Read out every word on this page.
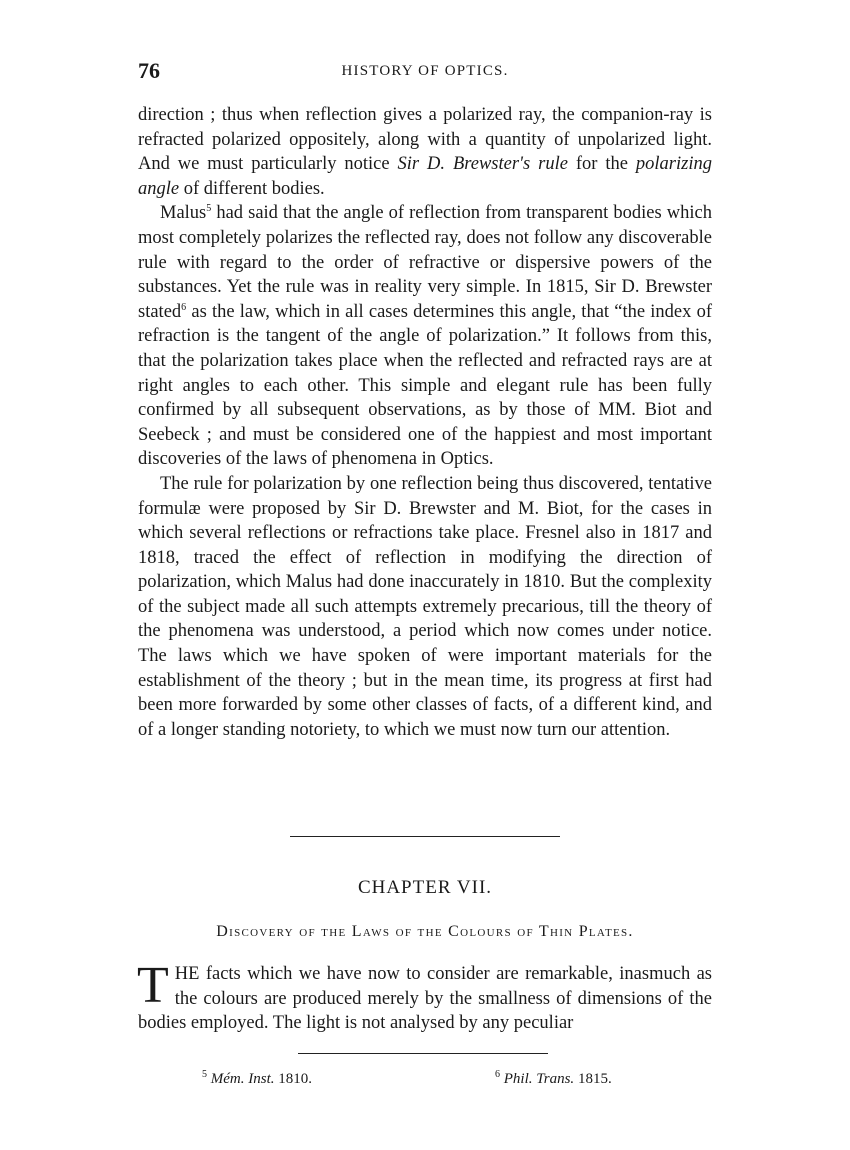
76	HISTORY OF OPTICS.

direction ; thus when reflection gives a polarized ray, the companion-ray is refracted polarized oppositely, along with a quantity of unpolarized light. And we must particularly notice Sir D. Brewster's rule for the polarizing angle of different bodies.

Malus$^5$ had said that the angle of reflection from transparent bodies which most completely polarizes the reflected ray, does not follow any discoverable rule with regard to the order of refractive or dispersive powers of the substances. Yet the rule was in reality very simple. In 1815, Sir D. Brewster stated$^6$ as the law, which in all cases determines this angle, that “the index of refraction is the tangent of the angle of polarization.” It follows from this, that the polarization takes place when the reflected and refracted rays are at right angles to each other. This simple and elegant rule has been fully confirmed by all subsequent observations, as by those of MM. Biot and Seebeck ; and must be considered one of the happiest and most important discoveries of the laws of phenomena in Optics.

The rule for polarization by one reflection being thus discovered, tentative formulæ were proposed by Sir D. Brewster and M. Biot, for the cases in which several reflections or refractions take place. Fresnel also in 1817 and 1818, traced the effect of reflection in modifying the direction of polarization, which Malus had done inaccurately in 1810. But the complexity of the subject made all such attempts extremely precarious, till the theory of the phenomena was understood, a period which now comes under notice. The laws which we have spoken of were important materials for the establishment of the theory ; but in the mean time, its progress at first had been more forwarded by some other classes of facts, of a different kind, and of a longer standing notoriety, to which we must now turn our attention.

CHAPTER VII.
Discovery of the Laws of the Colours of Thin Plates.

THE facts which we have now to consider are remarkable, inasmuch as the colours are produced merely by the smallness of dimensions of the bodies employed. The light is not analysed by any peculiar

$^5$ Mém. Inst. 1810.	$^6$ Phil. Trans. 1815.
